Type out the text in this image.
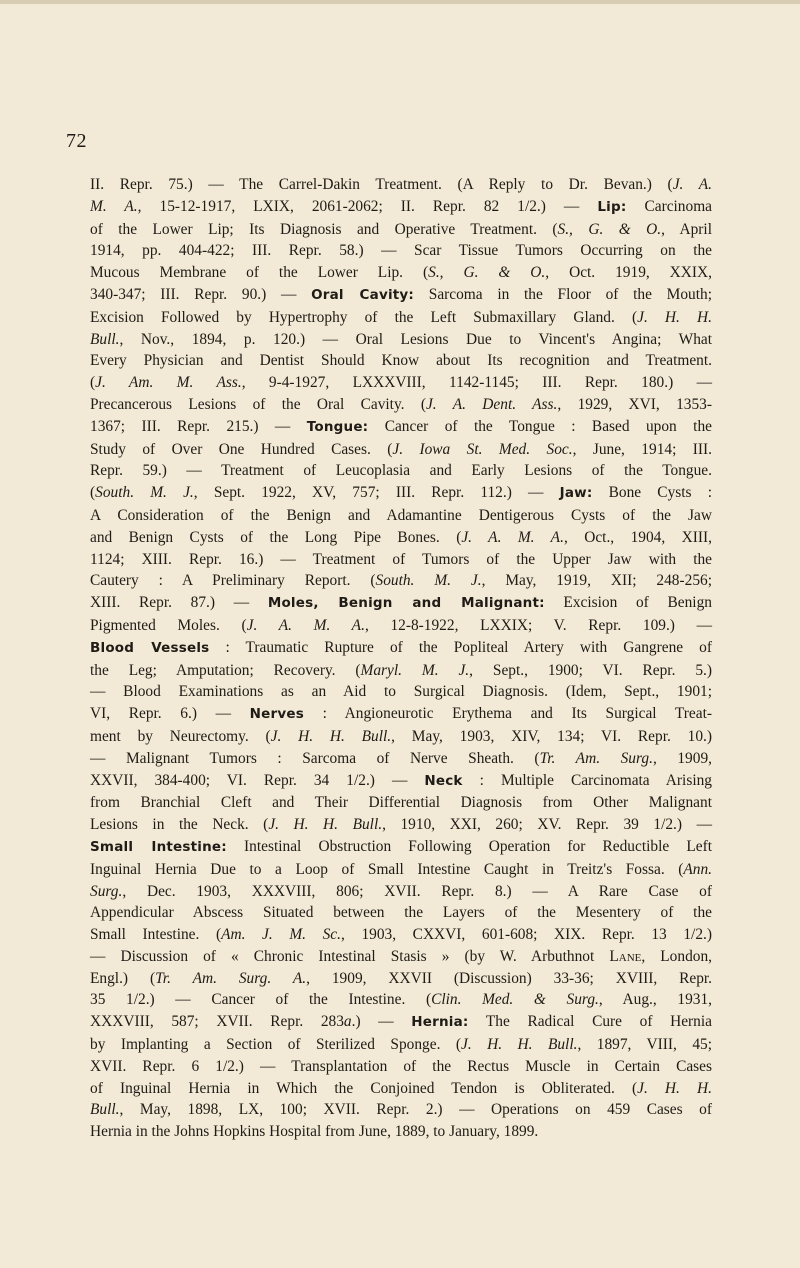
72
II. Repr. 75.) — The Carrel-Dakin Treatment. (A Reply to Dr. Bevan.) (J. A.
M. A., 15-12-1917, LXIX, 2061-2062; II. Repr. 82 1/2.) — Lip: Carcinoma
of the Lower Lip; Its Diagnosis and Operative Treatment. (S., G. & O., April
1914, pp. 404-422; III. Repr. 58.) — Scar Tissue Tumors Occurring on the
Mucous Membrane of the Lower Lip. (S., G. & O., Oct. 1919, XXIX,
340-347; III. Repr. 90.) — Oral Cavity: Sarcoma in the Floor of the Mouth;
Excision Followed by Hypertrophy of the Left Submaxillary Gland. (J. H. H.
Bull., Nov., 1894, p. 120.) — Oral Lesions Due to Vincent's Angina; What
Every Physician and Dentist Should Know about Its recognition and Treatment.
(J. Am. M. Ass., 9-4-1927, LXXXVIII, 1142-1145; III. Repr. 180.) —
Precancerous Lesions of the Oral Cavity. (J. A. Dent. Ass., 1929, XVI, 1353-
1367; III. Repr. 215.) — Tongue: Cancer of the Tongue : Based upon the
Study of Over One Hundred Cases. (J. Iowa St. Med. Soc., June, 1914; III.
Repr. 59.) — Treatment of Leucoplasia and Early Lesions of the Tongue.
(South. M. J., Sept. 1922, XV, 757; III. Repr. 112.) — Jaw: Bone Cysts :
A Consideration of the Benign and Adamantine Dentigerous Cysts of the Jaw
and Benign Cysts of the Long Pipe Bones. (J. A. M. A., Oct., 1904, XIII,
1124; XIII. Repr. 16.) — Treatment of Tumors of the Upper Jaw with the
Cautery : A Preliminary Report. (South. M. J., May, 1919, XII; 248-256;
XIII. Repr. 87.) — Moles, Benign and Malignant: Excision of Benign
Pigmented Moles. (J. A. M. A., 12-8-1922, LXXIX; V. Repr. 109.) —
Blood Vessels : Traumatic Rupture of the Popliteal Artery with Gangrene of
the Leg; Amputation; Recovery. (Maryl. M. J., Sept., 1900; VI. Repr. 5.)
— Blood Examinations as an Aid to Surgical Diagnosis. (Idem, Sept., 1901;
VI, Repr. 6.) — Nerves : Angioneurotic Erythema and Its Surgical Treat-
ment by Neurectomy. (J. H. H. Bull., May, 1903, XIV, 134; VI. Repr. 10.)
— Malignant Tumors : Sarcoma of Nerve Sheath. (Tr. Am. Surg., 1909,
XXVII, 384-400; VI. Repr. 34 1/2.) — Neck : Multiple Carcinomata Arising
from Branchial Cleft and Their Differential Diagnosis from Other Malignant
Lesions in the Neck. (J. H. H. Bull., 1910, XXI, 260; XV. Repr. 39 1/2.) —
Small Intestine: Intestinal Obstruction Following Operation for Reductible Left
Inguinal Hernia Due to a Loop of Small Intestine Caught in Treitz's Fossa. (Ann.
Surg., Dec. 1903, XXXVIII, 806; XVII. Repr. 8.) — A Rare Case of
Appendicular Abscess Situated between the Layers of the Mesentery of the
Small Intestine. (Am. J. M. Sc., 1903, CXXVI, 601-608; XIX. Repr. 13 1/2.)
— Discussion of « Chronic Intestinal Stasis » (by W. Arbuthnot Lane, London,
Engl.) (Tr. Am. Surg. A., 1909, XXVII (Discussion) 33-36; XVIII, Repr.
35 1/2.) — Cancer of the Intestine. (Clin. Med. & Surg., Aug., 1931,
XXXVIII, 587; XVII. Repr. 283a.) — Hernia: The Radical Cure of Hernia
by Implanting a Section of Sterilized Sponge. (J. H. H. Bull., 1897, VIII, 45;
XVII. Repr. 6 1/2.) — Transplantation of the Rectus Muscle in Certain Cases
of Inguinal Hernia in Which the Conjoined Tendon is Obliterated. (J. H. H.
Bull., May, 1898, LX, 100; XVII. Repr. 2.) — Operations on 459 Cases of
Hernia in the Johns Hopkins Hospital from June, 1889, to January, 1899.
